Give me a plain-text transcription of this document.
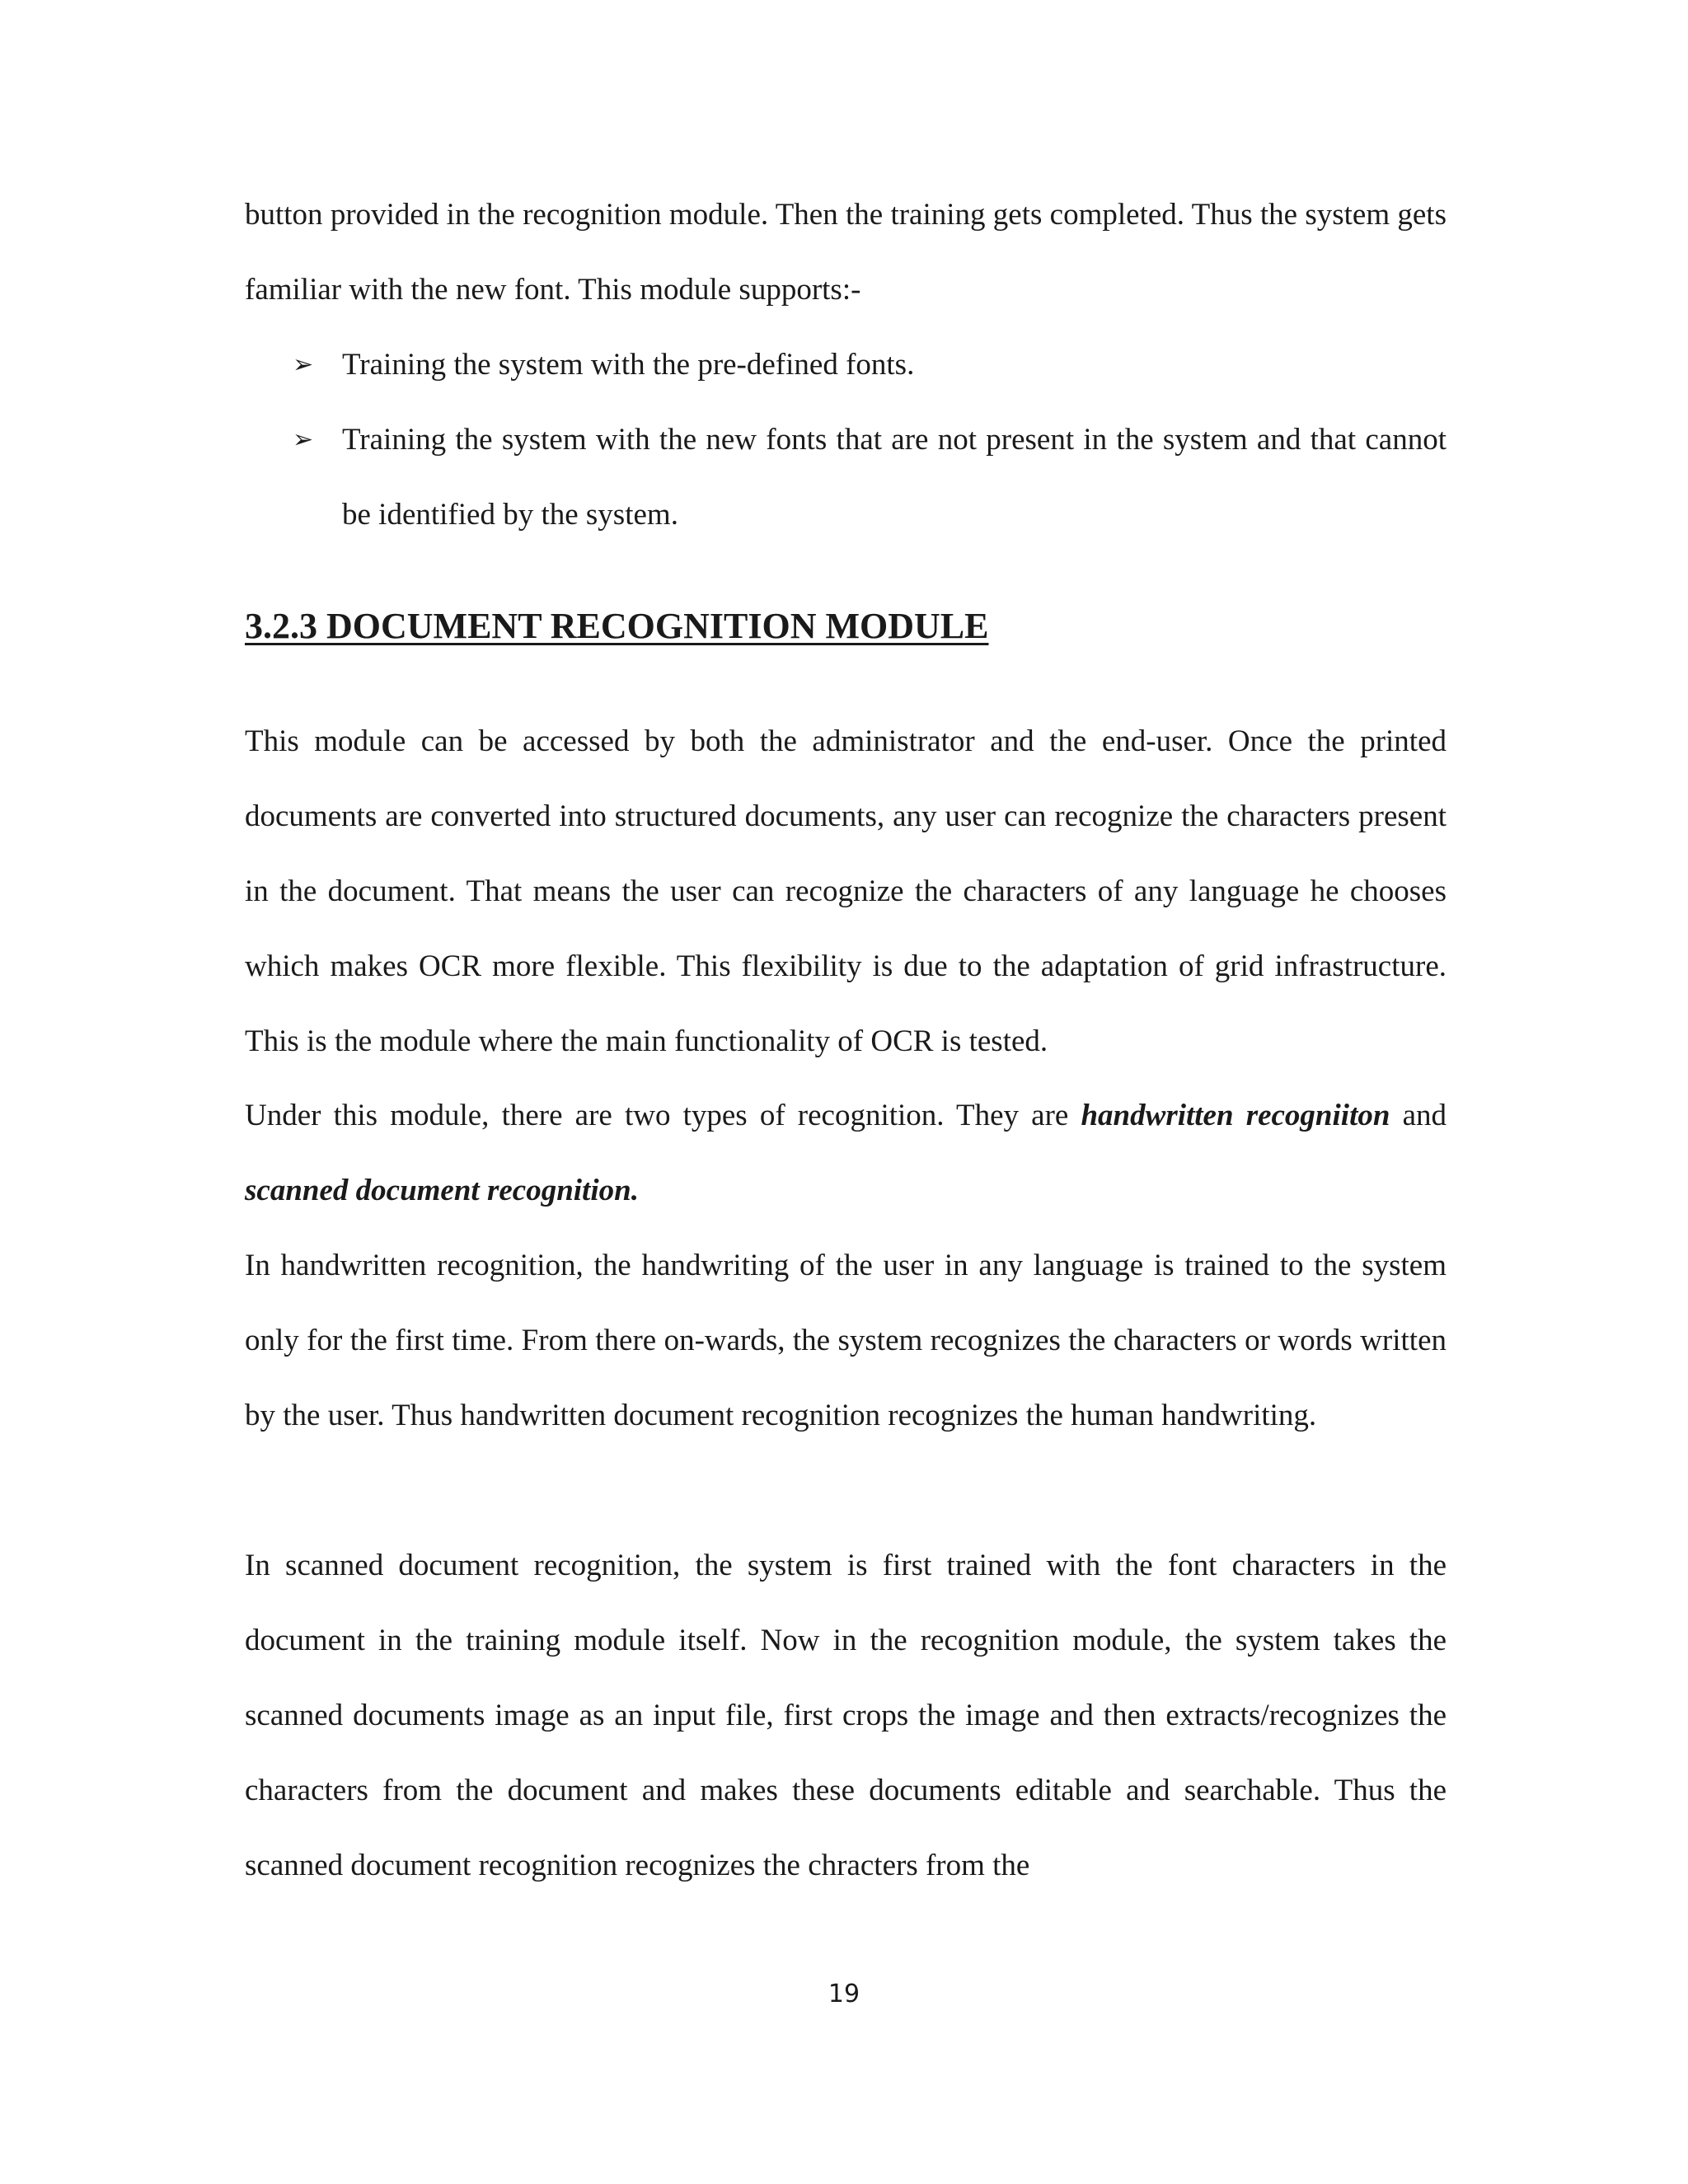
button provided in the recognition module. Then the training gets completed. Thus the system gets familiar with the new font. This module supports:-

➢ Training the system with the pre-defined fonts.
➢ Training the system with the new fonts that are not present in the system and that cannot be identified by the system.
3.2.3 DOCUMENT RECOGNITION MODULE

This module can be accessed by both the administrator and the end-user. Once the printed documents are converted into structured documents, any user can recognize the characters present in the document. That means the user can recognize the characters of any language he chooses which makes OCR more flexible. This flexibility is due to the adaptation of grid infrastructure. This is the module where the main functionality of OCR is tested.

Under this module, there are two types of recognition. They are handwritten recogniiton and scanned document recognition.

In handwritten recognition, the handwriting of the user in any language is trained to the system only for the first time. From there on-wards, the system recognizes the characters or words written by the user. Thus handwritten document recognition recognizes the human handwriting.

In scanned document recognition, the system is first trained with the font characters in the document in the training module itself. Now in the recognition module, the system takes the scanned documents image as an input file, first crops the image and then extracts/recognizes the characters from the document and makes these documents editable and searchable. Thus the scanned document recognition recognizes the chracters from the

19
